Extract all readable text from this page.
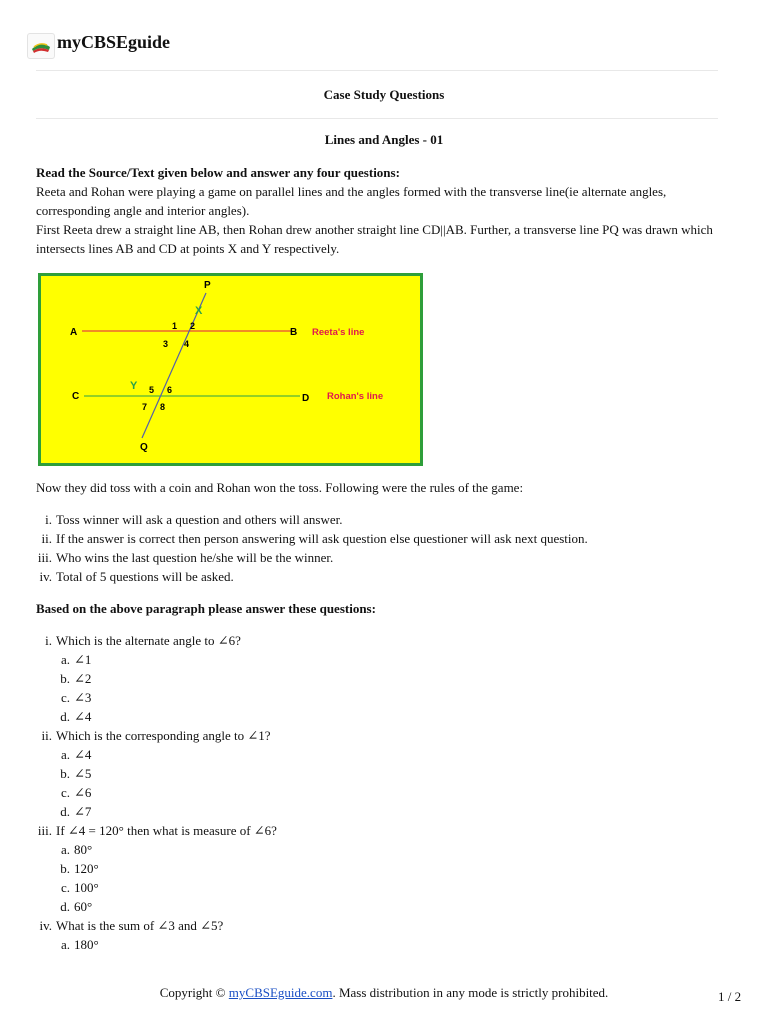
myCBSEguide
Case Study Questions
Lines and Angles - 01

Read the Source/Text given below and answer any four questions:

Reeta and Rohan were playing a game on parallel lines and the angles formed with the transverse line(ie alternate angles, corresponding angle and interior angles).

First Reeta drew a straight line AB, then Rohan drew another straight line CD||AB. Further, a transverse line PQ was drawn which intersects lines AB and CD at points X and Y respectively.

P
Q
A	B
C	D
X
Y
1 2
3 4
5 6
7 8
Reeta's line
Rohan's line

Now they did toss with a coin and Rohan won the toss. Following were the rules of the game:

i. Toss winner will ask a question and others will answer.
ii. If the answer is correct then person answering will ask question else questioner will ask next question.
iii. Who wins the last question he/she will be the winner.
iv. Total of 5 questions will be asked.

Based on the above paragraph please answer these questions:

i. Which is the alternate angle to ∠6?
a. ∠1
b. ∠2
c. ∠3
d. ∠4
ii. Which is the corresponding angle to ∠1?
a. ∠4
b. ∠5
c. ∠6
d. ∠7
iii. If ∠4 = 120° then what is measure of ∠6?
a. 80°
b. 120°
c. 100°
d. 60°
iv. What is the sum of ∠3 and ∠5?
a. 180°
Copyright © myCBSEguide.com. Mass distribution in any mode is strictly prohibited.	1 / 2
